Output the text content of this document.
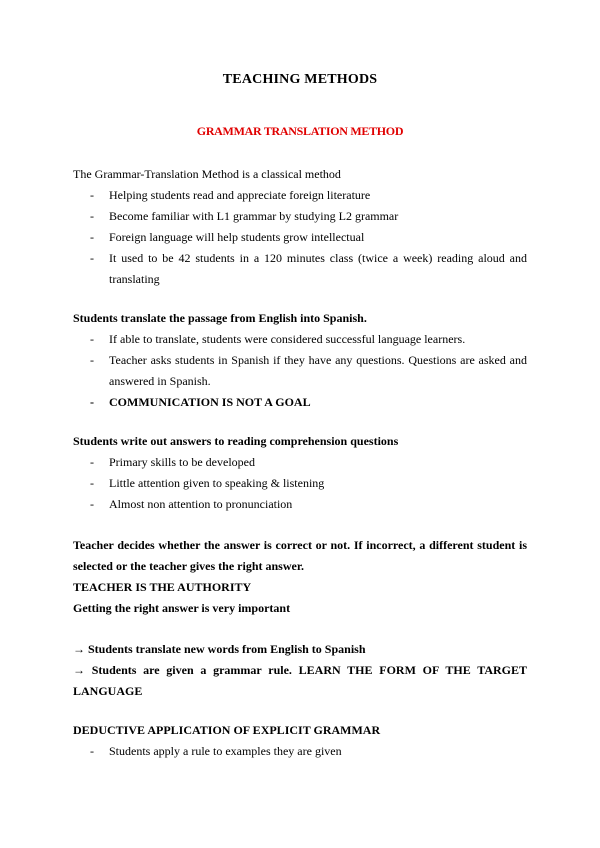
TEACHING METHODS
GRAMMAR TRANSLATION METHOD

The Grammar-Translation Method is a classical method

- Helping students read and appreciate foreign literature
- Become familiar with L1 grammar by studying L2 grammar
- Foreign language will help students grow intellectual
- It used to be 42 students in a 120 minutes class (twice a week) reading aloud and translating

Students translate the passage from English into Spanish.

- If able to translate, students were considered successful language learners.
- Teacher asks students in Spanish if they have any questions. Questions are asked and answered in Spanish.
- COMMUNICATION IS NOT A GOAL

Students write out answers to reading comprehension questions

- Primary skills to be developed
- Little attention given to speaking & listening
- Almost non attention to pronunciation

Teacher decides whether the answer is correct or not. If incorrect, a different student is selected or the teacher gives the right answer.

TEACHER IS THE AUTHORITY

Getting the right answer is very important

→ Students translate new words from English to Spanish

→ Students are given a grammar rule. LEARN THE FORM OF THE TARGET LANGUAGE

DEDUCTIVE APPLICATION OF EXPLICIT GRAMMAR

- Students apply a rule to examples they are given
